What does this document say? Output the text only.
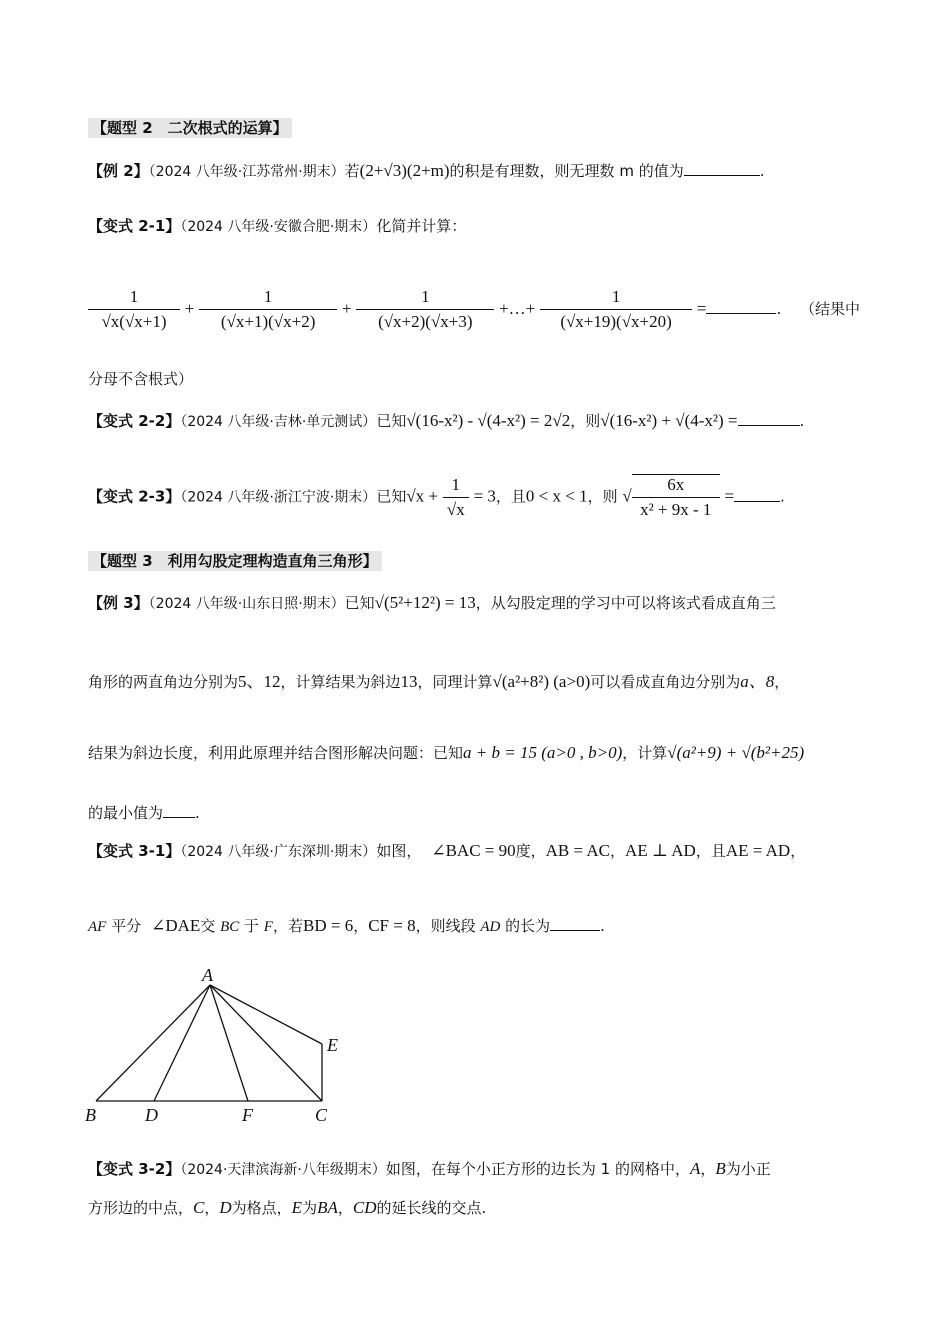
【题型 2　二次根式的运算】
【例 2】（2024 八年级·江苏常州·期末）若(2+√3)(2+m)的积是有理数，则无理数 m 的值为	.
【变式 2-1】（2024 八年级·安徽合肥·期末）化简并计算：
$\frac{1}{√x(√x+1)} + \frac{1}{(√x+1)(√x+2)} + \frac{1}{(√x+2)(√x+3)}$ +…+ $\frac{1}{(√x+19)(√x+20)}$ =	. （结果中
分母不含根式）
【变式 2-2】（2024 八年级·吉林·单元测试）已知√(16-x²) - √(4-x²) = 2√2，则√(16-x²) + √(4-x²) =	.
【变式 2-3】（2024 八年级·浙江宁波·期末）已知$√x + \frac{1}{√x} = 3$，且0 < x < 1，则 √ $\frac{6x}{\text{x² + 9x - 1}}$ =	.
【题型 3　利用勾股定理构造直角三角形】
【例 3】（2024 八年级·山东日照·期末）已知√(5²+12²) = 13，从勾股定理的学习中可以将该式看成直角三
角形的两直角边分别为5、12，计算结果为斜边13，同理计算√(a²+8²) (a>0)可以看成直角边分别为a、8，
结果为斜边长度，利用此原理并结合图形解决问题：已知a + b = 15 (a>0 , b>0)，计算√(a²+9) + √(b²+25)
的最小值为 .
【变式 3-1】（2024 八年级·广东深圳·期末）如图， ∠BAC = 90度，AB = AC，AE ⊥ AD，且AE = AD，
AF 平分 ∠DAE交 BC 于 F，若BD = 6，CF = 8，则线段 AD 的长为	.
A
B	D	F	C
E
【变式 3-2】（2024·天津滨海新·八年级期末）如图，在每个小正方形的边长为 1 的网格中，A，B为小正
方形边的中点，C，D为格点，E为BA，CD的延长线的交点.
